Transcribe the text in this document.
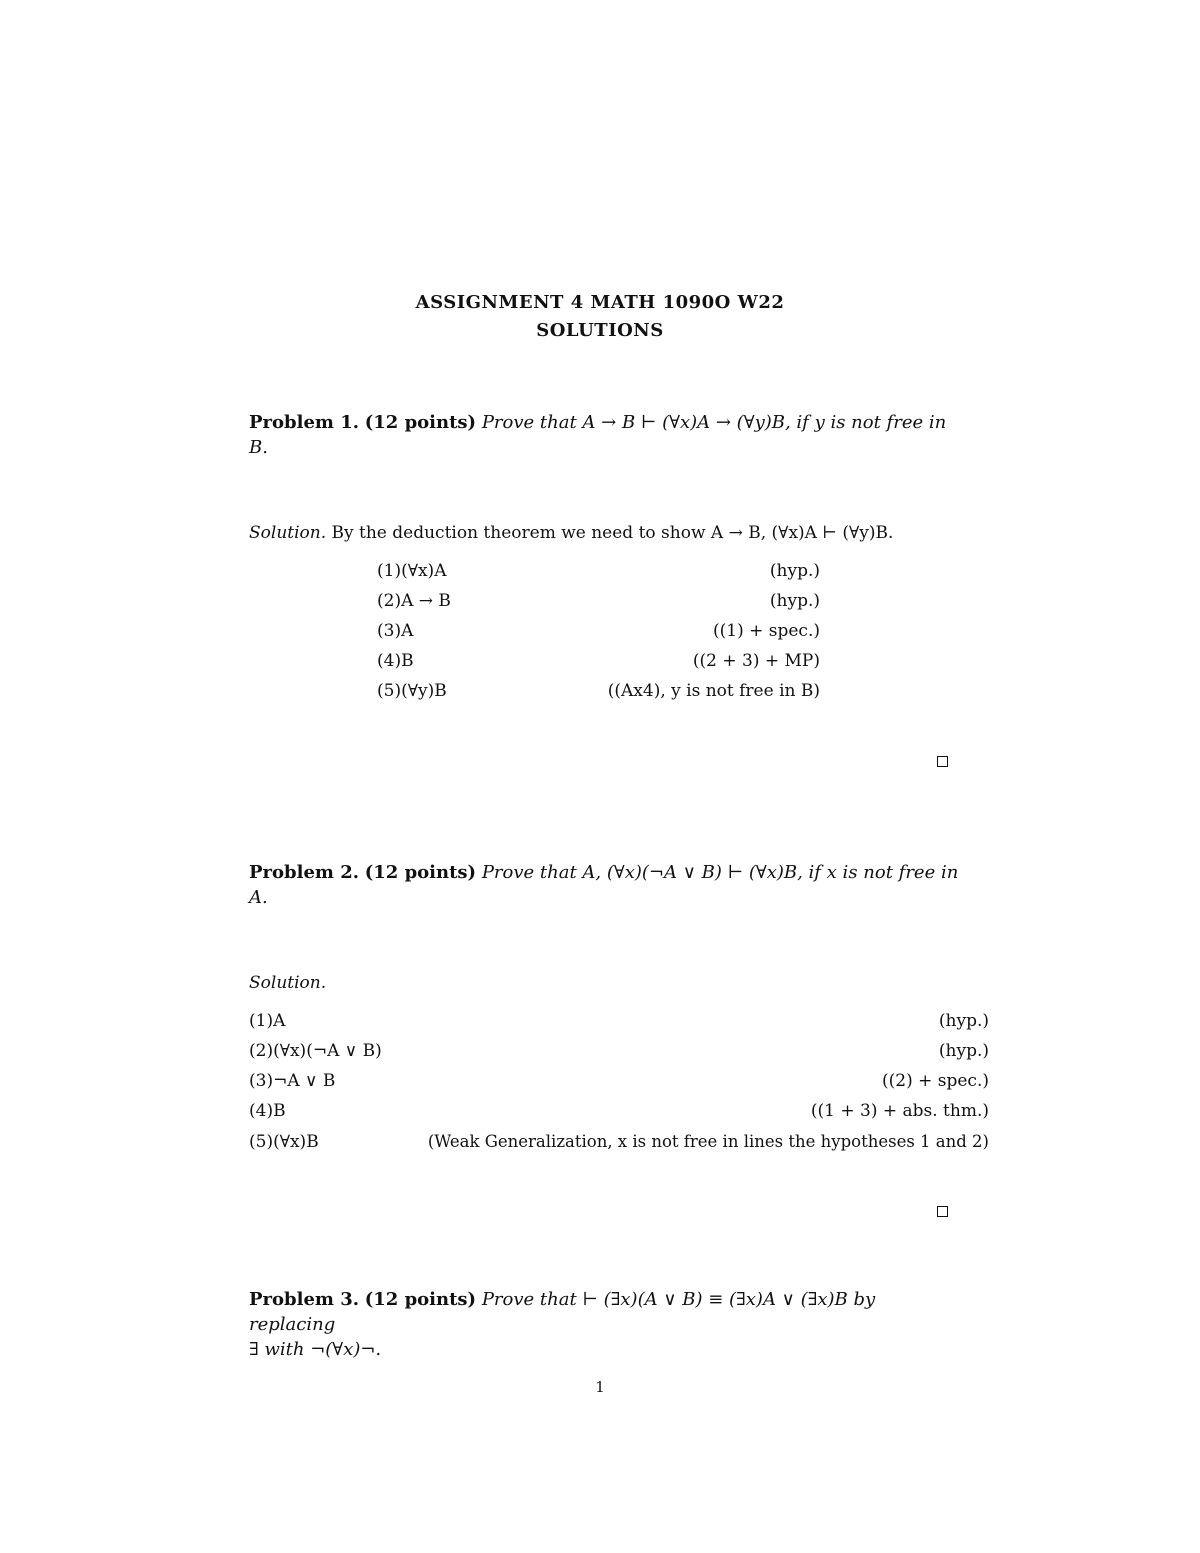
ASSIGNMENT 4 MATH 1090O W22
SOLUTIONS
Problem 1. (12 points) Prove that A → B ⊢ (∀x)A → (∀y)B, if y is not free in
B.
Solution. By the deduction theorem we need to show A → B, (∀x)A ⊢ (∀y)B.
(1)(∀x)A	(hyp.)
(2)A → B	(hyp.)
(3)A	((1) + spec.)
(4)B	((2 + 3) + MP)
(5)(∀y)B	((Ax4), y is not free in B)
Problem 2. (12 points) Prove that A, (∀x)(¬A ∨ B) ⊢ (∀x)B, if x is not free in
A.
Solution.
(1)A	(hyp.)
(2)(∀x)(¬A ∨ B)	(hyp.)
(3)¬A ∨ B	((2) + spec.)
(4)B	((1 + 3) + abs. thm.)
(5)(∀x)B	(Weak Generalization, x is not free in lines the hypotheses 1 and 2)
Problem 3. (12 points) Prove that ⊢ (∃x)(A ∨ B) ≡ (∃x)A ∨ (∃x)B by replacing
∃ with ¬(∀x)¬.
1
